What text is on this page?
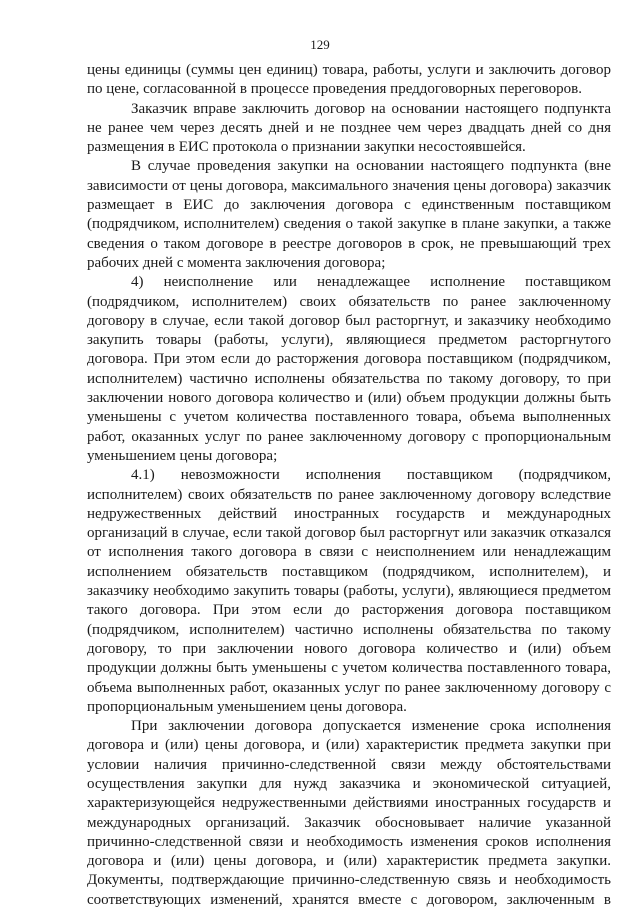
129

цены единицы (суммы цен единиц) товара, работы, услуги и заключить договор по цене, согласованной в процессе проведения преддоговорных переговоров.

Заказчик вправе заключить договор на основании настоящего подпункта не ранее чем через десять дней и не позднее чем через двадцать дней со дня размещения в ЕИС протокола о признании закупки несостоявшейся.

В случае проведения закупки на основании настоящего подпункта (вне зависимости от цены договора, максимального значения цены договора) заказчик размещает в ЕИС до заключения договора с единственным поставщиком (подрядчиком, исполнителем) сведения о такой закупке в плане закупки, а также сведения о таком договоре в реестре договоров в срок, не превышающий трех рабочих дней с момента заключения договора;

4) неисполнение или ненадлежащее исполнение поставщиком (подрядчиком, исполнителем) своих обязательств по ранее заключенному договору в случае, если такой договор был расторгнут, и заказчику необходимо закупить товары (работы, услуги), являющиеся предметом расторгнутого договора. При этом если до расторжения договора поставщиком (подрядчиком, исполнителем) частично исполнены обязательства по такому договору, то при заключении нового договора количество и (или) объем продукции должны быть уменьшены с учетом количества поставленного товара, объема выполненных работ, оказанных услуг по ранее заключенному договору с пропорциональным уменьшением цены договора;

4.1) невозможности исполнения поставщиком (подрядчиком, исполнителем) своих обязательств по ранее заключенному договору вследствие недружественных действий иностранных государств и международных организаций в случае, если такой договор был расторгнут или заказчик отказался от исполнения такого договора в связи с неисполнением или ненадлежащим исполнением обязательств поставщиком (подрядчиком, исполнителем), и заказчику необходимо закупить товары (работы, услуги), являющиеся предметом такого договора. При этом если до расторжения договора поставщиком (подрядчиком, исполнителем) частично исполнены обязательства по такому договору, то при заключении нового договора количество и (или) объем продукции должны быть уменьшены с учетом количества поставленного товара, объема выполненных работ, оказанных услуг по ранее заключенному договору с пропорциональным уменьшением цены договора.

При заключении договора допускается изменение срока исполнения договора и (или) цены договора, и (или) характеристик предмета закупки при условии наличия причинно-следственной связи между обстоятельствами осуществления закупки для нужд заказчика и экономической ситуацией, характеризующейся недружественными действиями иностранных государств и международных организаций. Заказчик обосновывает наличие указанной причинно-следственной связи и необходимость изменения сроков исполнения договора и (или) цены договора, и (или) характеристик предмета закупки. Документы, подтверждающие причинно-следственную связь и необходимость соответствующих изменений, хранятся вместе с договором, заключенным в
